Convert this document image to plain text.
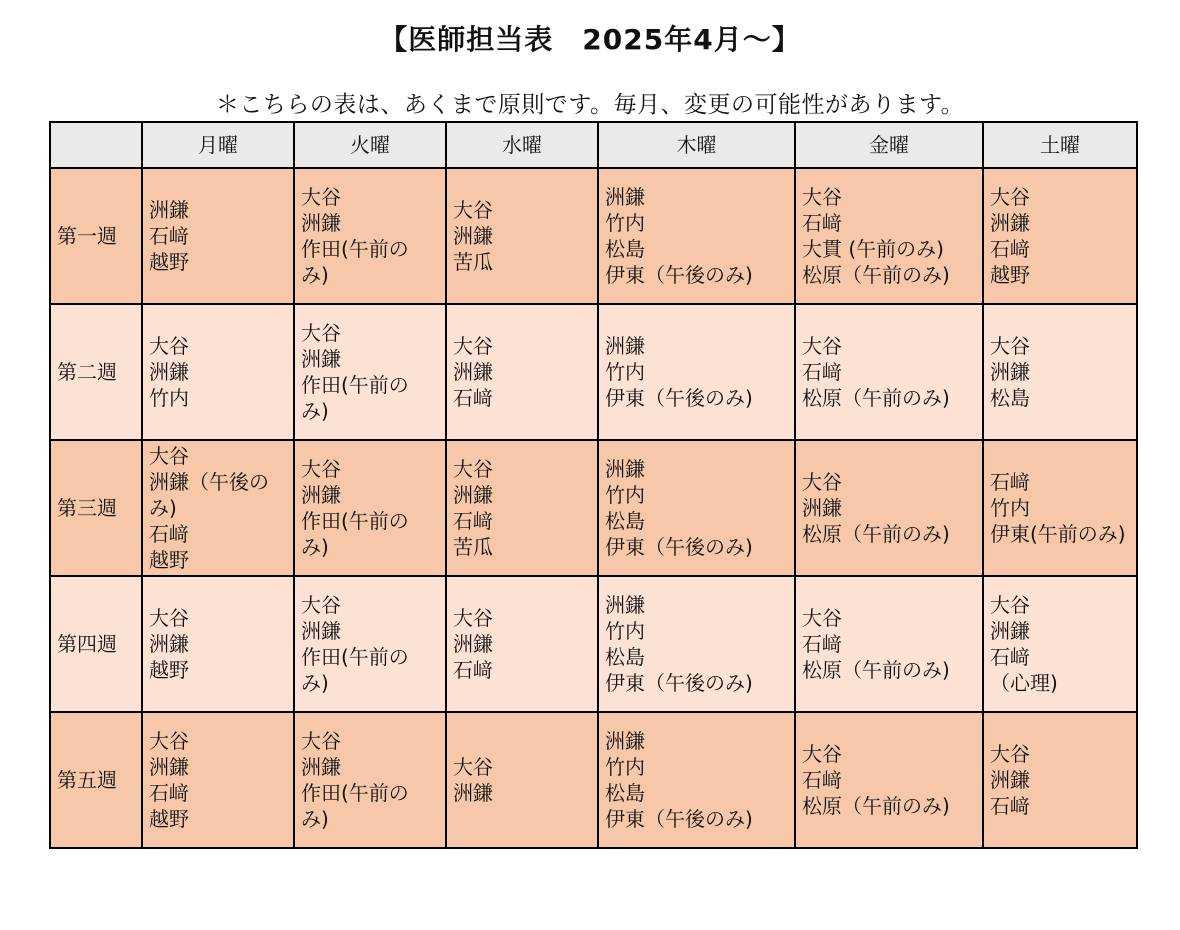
【医師担当表　2025年4月〜】
＊こちらの表は、あくまで原則です。毎月、変更の可能性があります。
	月曜	火曜	水曜	木曜	金曜	土曜
第一週	洲鎌
石﨑
越野	大谷
洲鎌
作田(午前の
み)	大谷
洲鎌
苦瓜	洲鎌
竹内
松島
伊東（午後のみ)	大谷
石﨑
大貫 (午前のみ)
松原（午前のみ)	大谷
洲鎌
石﨑
越野

第二週	大谷
洲鎌
竹内	大谷
洲鎌
作田(午前の
み)	大谷
洲鎌
石﨑	洲鎌
竹内
伊東（午後のみ)	大谷
石﨑
松原（午前のみ)	大谷
洲鎌
松島

第三週	大谷
洲鎌（午後の
み)
石﨑
越野	大谷
洲鎌
作田(午前の
み)	大谷
洲鎌
石﨑
苦瓜	洲鎌
竹内
松島
伊東（午後のみ)	大谷
洲鎌
松原（午前のみ)	石﨑
竹内
伊東(午前のみ)

第四週	大谷
洲鎌
越野	大谷
洲鎌
作田(午前の
み)	大谷
洲鎌
石﨑	洲鎌
竹内
松島
伊東（午後のみ)	大谷
石﨑
松原（午前のみ)	大谷
洲鎌
石﨑
（心理)

第五週	大谷
洲鎌
石﨑
越野	大谷
洲鎌
作田(午前の
み)	大谷
洲鎌	洲鎌
竹内
松島
伊東（午後のみ)	大谷
石﨑
松原（午前のみ)	大谷
洲鎌
石﨑
